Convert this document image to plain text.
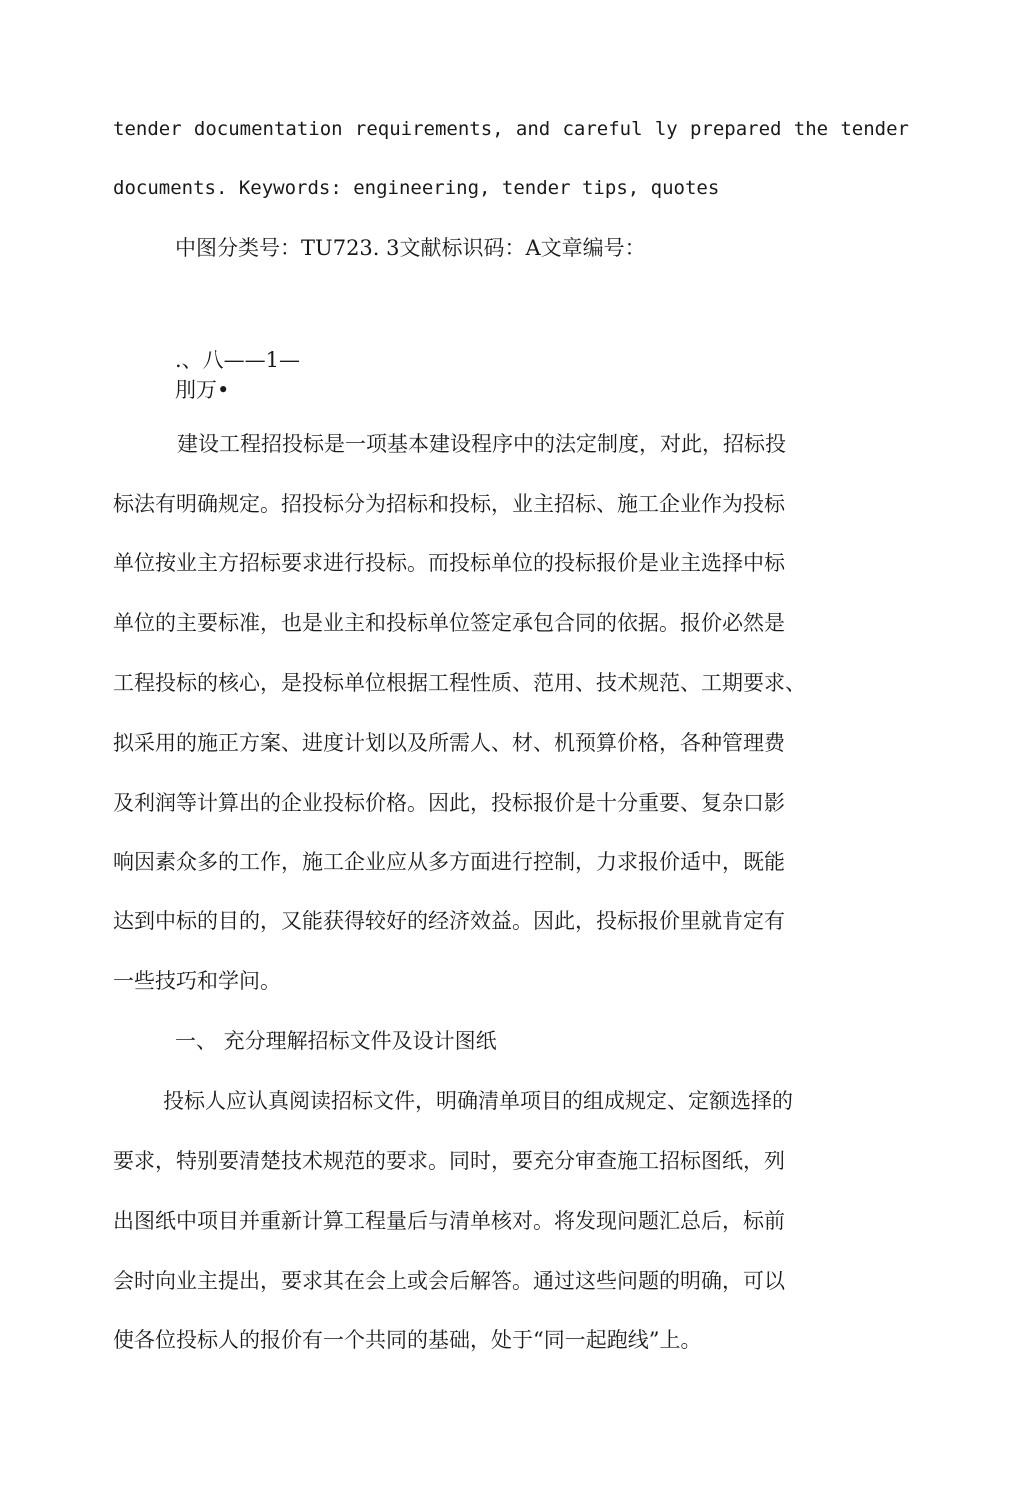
tender documentation requirements, and careful ly prepared the tender
documents. Keywords: engineering, tender tips, quotes
中图分类号：TU723. 3文献标识码：A文章编号：
.、八——1—
刖万•
建设工程招投标是一项基本建设程序中的法定制度，对此，招标投
标法有明确规定。招投标分为招标和投标，业主招标、施工企业作为投标
单位按业主方招标要求进行投标。而投标单位的投标报价是业主选择中标
单位的主要标准，也是业主和投标单位签定承包合同的依据。报价必然是
工程投标的核心，是投标单位根据工程性质、范用、技术规范、工期要求、
拟采用的施正方案、进度计划以及所需人、材、机预算价格，各种管理费
及利润等计算出的企业投标价格。因此，投标报价是十分重要、复杂口影
响因素众多的工作，施工企业应从多方面进行控制，力求报价适中，既能
达到中标的目的，又能获得较好的经济效益。因此，投标报价里就肯定有
一些技巧和学问。
一、 充分理解招标文件及设计图纸
投标人应认真阅读招标文件，明确清单项目的组成规定、定额选择的
要求，特别要清楚技术规范的要求。同时，要充分审查施工招标图纸，列
出图纸中项目并重新计算工程量后与清单核对。将发现问题汇总后，标前
会时向业主提出，要求其在会上或会后解答。通过这些问题的明确，可以
使各位投标人的报价有一个共同的基础，处于“同一起跑线”上。
